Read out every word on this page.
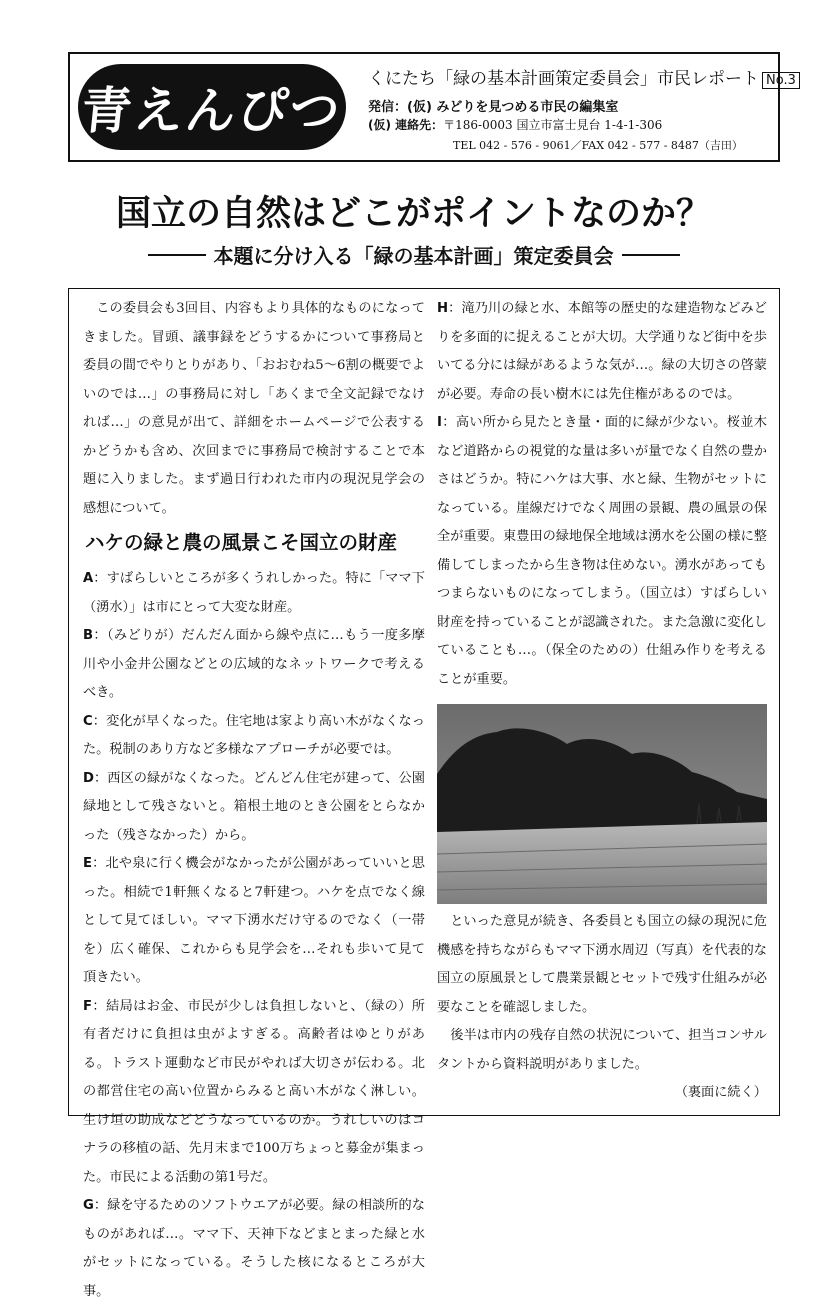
青えんぴつ
くにたち「緑の基本計画策定委員会」市民レポート No.3
発信：(仮) みどりを見つめる市民の編集室
(仮) 連絡先：〒186-0003 国立市富士見台 1-4-1-306
TEL 042 - 576 - 9061／FAX 042 - 577 - 8487（吉田）
国立の自然はどこがポイントなのか？
本題に分け入る「緑の基本計画」策定委員会

この委員会も3回目、内容もより具体的なものになってきました。冒頭、議事録をどうするかについて事務局と委員の間でやりとりがあり、「おおむね5～6割の概要でよいのでは…」の事務局に対し「あくまで全文記録でなければ…」の意見が出て、詳細をホームページで公表するかどうかも含め、次回までに事務局で検討することで本題に入りました。まず過日行われた市内の現況見学会の感想について。

ハケの緑と農の風景こそ国立の財産

A：すばらしいところが多くうれしかった。特に「ママ下（湧水）」は市にとって大変な財産。

B：（みどりが）だんだん面から線や点に…もう一度多摩川や小金井公園などとの広域的なネットワークで考えるべき。

C：変化が早くなった。住宅地は家より高い木がなくなった。税制のあり方など多様なアプローチが必要では。

D：西区の緑がなくなった。どんどん住宅が建って、公園緑地として残さないと。箱根土地のとき公園をとらなかった（残さなかった）から。

E：北や泉に行く機会がなかったが公園があっていいと思った。相続で1軒無くなると7軒建つ。ハケを点でなく線として見てほしい。ママ下湧水だけ守るのでなく（一帯を）広く確保、これからも見学会を…それも歩いて見て頂きたい。

F：結局はお金、市民が少しは負担しないと、（緑の）所有者だけに負担は虫がよすぎる。高齢者はゆとりがある。トラスト運動など市民がやれば大切さが伝わる。北の都営住宅の高い位置からみると高い木がなく淋しい。生け垣の助成などどうなっているのか。うれしいのはコナラの移植の話、先月末まで100万ちょっと募金が集まった。市民による活動の第1号だ。

G：緑を守るためのソフトウエアが必要。緑の相談所的なものがあれば…。ママ下、天神下などまとまった緑と水がセットになっている。そうした核になるところが大事。

H：滝乃川の緑と水、本館等の歴史的な建造物などみどりを多面的に捉えることが大切。大学通りなど街中を歩いてる分には緑があるような気が…。緑の大切さの啓蒙が必要。寿命の長い樹木には先住権があるのでは。

I：高い所から見たとき量・面的に緑が少ない。桜並木など道路からの視覚的な量は多いが量でなく自然の豊かさはどうか。特にハケは大事、水と緑、生物がセットになっている。崖線だけでなく周囲の景観、農の風景の保全が重要。東豊田の緑地保全地域は湧水を公園の様に整備してしまったから生き物は住めない。湧水があってもつまらないものになってしまう。（国立は）すばらしい財産を持っていることが認識された。また急激に変化していることも…。（保全のための）仕組み作りを考えることが重要。

といった意見が続き、各委員とも国立の緑の現況に危機感を持ちながらもママ下湧水周辺（写真）を代表的な国立の原風景として農業景観とセットで残す仕組みが必要なことを確認しました。

後半は市内の残存自然の状況について、担当コンサルタントから資料説明がありました。

（裏面に続く）
